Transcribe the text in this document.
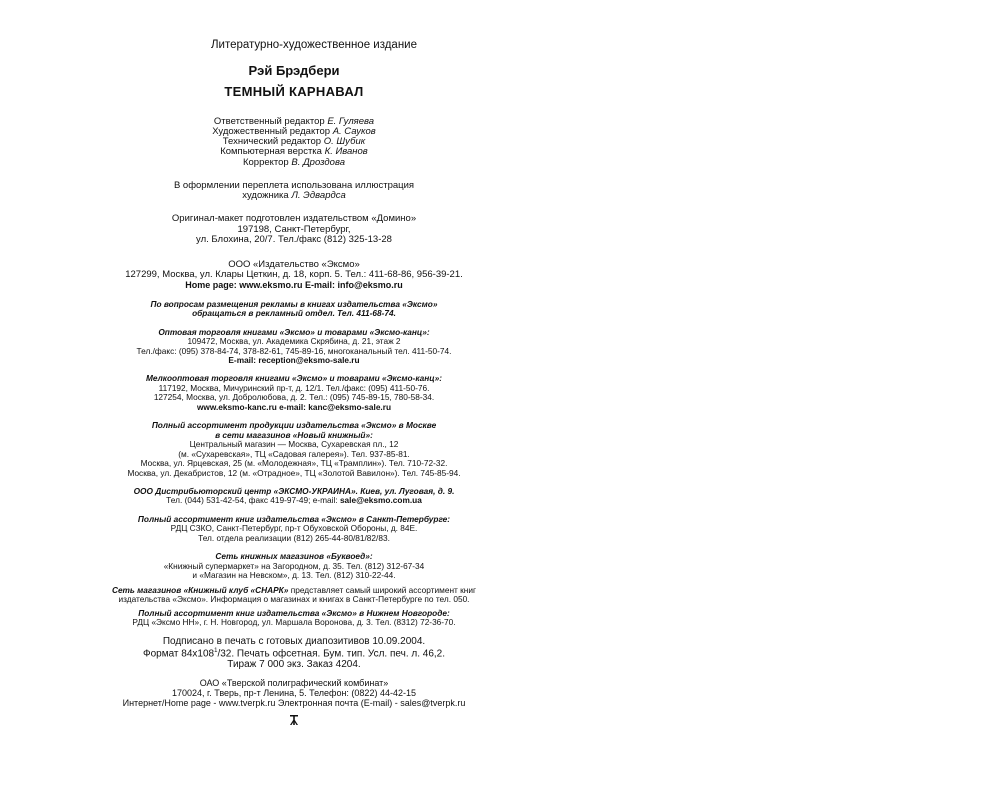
Литературно-художественное издание
Рэй Брэдбери
ТЕМНЫЙ КАРНАВАЛ
Ответственный редактор Е. Гуляева
Художественный редактор А. Сауков
Технический редактор О. Шубик
Компьютерная верстка К. Иванов
Корректор В. Дроздова
В оформлении переплета использована иллюстрация
художника Л. Эдвардса
Оригинал-макет подготовлен издательством «Домино»
197198, Санкт-Петербург,
ул. Блохина, 20/7. Тел./факс (812) 325-13-28
ООО «Издательство «Эксмо»
127299, Москва, ул. Клары Цеткин, д. 18, корп. 5. Тел.: 411-68-86, 956-39-21.
Home page: www.eksmo.ru E-mail: info@eksmo.ru
По вопросам размещения рекламы в книгах издательства «Эксмо»
обращаться в рекламный отдел. Тел. 411-68-74.
Оптовая торговля книгами «Эксмо» и товарами «Эксмо-канц»:
109472, Москва, ул. Академика Скрябина, д. 21, этаж 2
Тел./факс: (095) 378-84-74, 378-82-61, 745-89-16, многоканальный тел. 411-50-74.
E-mail: reception@eksmo-sale.ru
Мелкооптовая торговля книгами «Эксмо» и товарами «Эксмо-канц»:
117192, Москва, Мичуринский пр-т, д. 12/1. Тел./факс: (095) 411-50-76.
127254, Москва, ул. Добролюбова, д. 2. Тел.: (095) 745-89-15, 780-58-34.
www.eksmo-kanc.ru e-mail: kanc@eksmo-sale.ru
Полный ассортимент продукции издательства «Эксмо» в Москве
в сети магазинов «Новый книжный»:
Центральный магазин — Москва, Сухаревская пл., 12
(м. «Сухаревская», ТЦ «Садовая галерея»). Тел. 937-85-81.
Москва, ул. Ярцевская, 25 (м. «Молодежная», ТЦ «Трамплин»). Тел. 710-72-32.
Москва, ул. Декабристов, 12 (м. «Отрадное», ТЦ «Золотой Вавилон»). Тел. 745-85-94.
ООО Дистрибьюторский центр «ЭКСМО-УКРАИНА». Киев, ул. Луговая, д. 9.
Тел. (044) 531-42-54, факс 419-97-49; e-mail: sale@eksmo.com.ua
Полный ассортимент книг издательства «Эксмо» в Санкт-Петербурге:
РДЦ СЗКО, Санкт-Петербург, пр-т Обуховской Обороны, д. 84Е.
Тел. отдела реализации (812) 265-44-80/81/82/83.
Сеть книжных магазинов «Буквоед»:
«Книжный супермаркет» на Загородном, д. 35. Тел. (812) 312-67-34
и «Магазин на Невском», д. 13. Тел. (812) 310-22-44.
Сеть магазинов «Книжный клуб «СНАРК» представляет самый широкий ассортимент книг
издательства «Эксмо». Информация о магазинах и книгах в Санкт-Петербурге по тел. 050.
Полный ассортимент книг издательства «Эксмо» в Нижнем Новгороде:
РДЦ «Эксмо НН», г. Н. Новгород, ул. Маршала Воронова, д. 3. Тел. (8312) 72-36-70.
Подписано в печать с готовых диапозитивов 10.09.2004.
Формат $84x108^1/32$. Печать офсетная. Бум. тип. Усл. печ. л. 46,2.
Тираж 7 000 экз. Заказ 4204.
ОАО «Тверской полиграфический комбинат»
170024, г. Тверь, пр-т Ленина, 5. Телефон: (0822) 44-42-15
Интернет/Home page - www.tverpk.ru Электронная почта (E-mail) - sales@tverpk.ru
